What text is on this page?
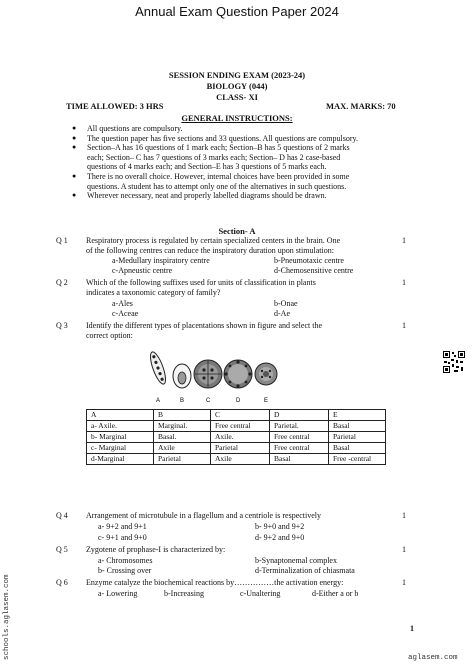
Annual Exam Question Paper 2024
SESSION ENDING EXAM (2023-24)
BIOLOGY (044)
CLASS- XI
TIME ALLOWED: 3 HRS	MAX. MARKS: 70
GENERAL INSTRUCTIONS:
● All questions are compulsory.
● The question paper has five sections and 33 questions. All questions are compulsory.
● Section–A has 16 questions of 1 mark each; Section–B has 5 questions of 2 marks
each; Section– C has 7 questions of 3 marks each; Section– D has 2 case-based
questions of 4 marks each; and Section–E has 3 questions of 5 marks each.
● There is no overall choice. However, internal choices have been provided in some
questions. A student has to attempt only one of the alternatives in such questions.
● Wherever necessary, neat and properly labelled diagrams should be drawn.
Section- A
Q 1 Respiratory process is regulated by certain specialized centers in the brain. One
of the following centres can reduce the inspiratory duration upon stimulation:
1
a-Medullary inspiratory centre	b-Pneumotaxic centre
c-Apneustic centre	d-Chemosensitive centre
Q 2 Which of the following suffixes used for units of classification in plants
indicates a taxonomic category of family?
1
a-Ales	b-Onae
c-Aceae	d-Ae
Q 3 Identify the different types of placentations shown in figure and select the
correct option:
1
A	B	C	D	E
A	B	C	D	E
a- Axile.	Marginal.	Free central	Parietal.	Basal
b- Marginal	Basal.	Axile.	Free central	Parietal
c- Marginal	Axile	Parietal	Free central	Basal
d-Marginal	Parietal	Axile	Basal	Free -central
Q 4 Arrangement of microtubule in a flagellum and a centriole is respectively	1
a- 9+2 and 9+1	b- 9+0 and 9+2
c- 9+1 and 9+0	d- 9+2 and 9+0
Q 5 Zygotene of prophase-I is characterized by:	1
a- Chromosomes	b-Synaptonemal complex
b- Crossing over	d-Terminalization of chiasmata
Q 6 Enzyme catalyze the biochemical reactions by……………the activation energy:	1
a- Lowering	b-Increasing	c-Unaltering	d-Either a or b
1
schools.aglasem.com	aglasem.com
